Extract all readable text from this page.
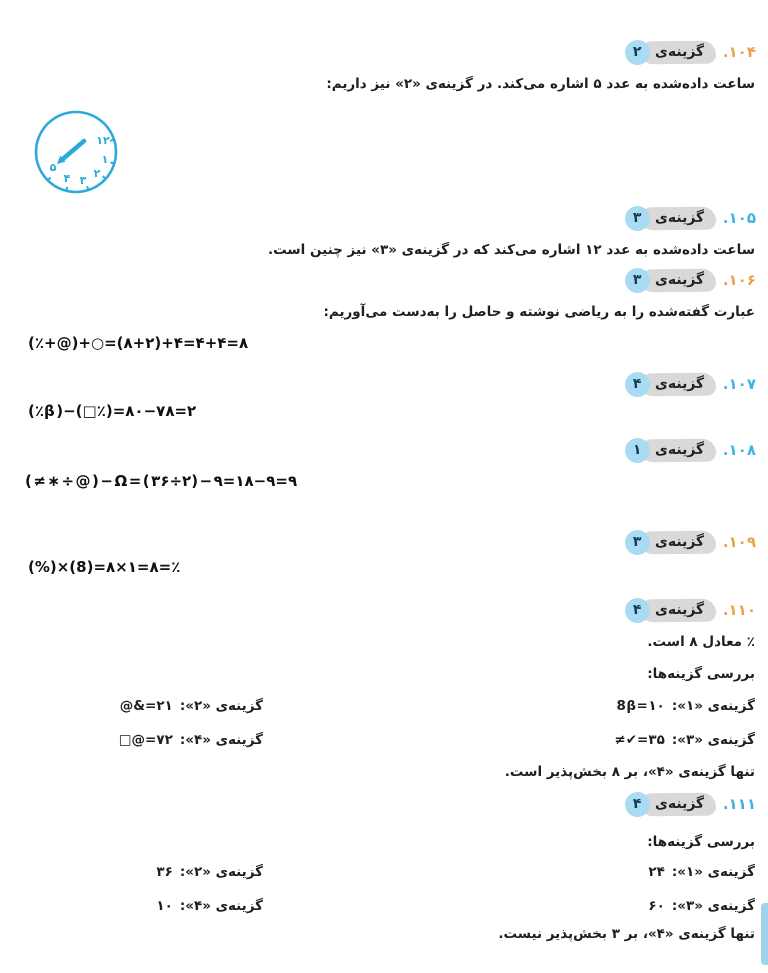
۱۰۴.
گزینه‌ی
۲
ساعت داده‌شده به عدد ۵ اشاره می‌کند. در گزینه‌ی «۲» نیز داریم:
۱۲
۱
۲
۳
۴
۵
۱۰۵.
گزینه‌ی
۳
ساعت داده‌شده به عدد ۱۲ اشاره می‌کند که در گزینه‌ی «۳» نیز چنین است.
۱۰۶.
گزینه‌ی
۳
عبارت گفته‌شده را به ریاضی نوشته و حاصل را به‌دست می‌آوریم:
(٪+@)+○=(۸+۲)+۴=۴+۴=۸
۱۰۷.
گزینه‌ی
۴
(٪β)−(□٪)=۸۰−۷۸=۲
۱۰۸.
گزینه‌ی
۱
(≠∗÷@)−Ω=(۳۶÷۲)−۹=۱۸−۹=۹
۱۰۹.
گزینه‌ی
۳
(%)×(8)=۸×۱=۸=٪
۱۱۰.
گزینه‌ی
۴
٪ معادل ۸ است.
بررسی گزینه‌ها:
گزینه‌ی «۱»:
8β=۱۰
گزینه‌ی «۲»:
@&=۲۱
گزینه‌ی «۳»:
≠✔=۳۵
گزینه‌ی «۴»:
□@=۷۲
تنها گزینه‌ی «۴»، بر ۸ بخش‌پذیر است.
۱۱۱.
گزینه‌ی
۴
بررسی گزینه‌ها:
گزینه‌ی «۱»:
۲۴
گزینه‌ی «۲»:
۳۶
گزینه‌ی «۳»:
۶۰
گزینه‌ی «۴»:
۱۰
تنها گزینه‌ی «۴»، بر ۳ بخش‌پذیر نیست.
